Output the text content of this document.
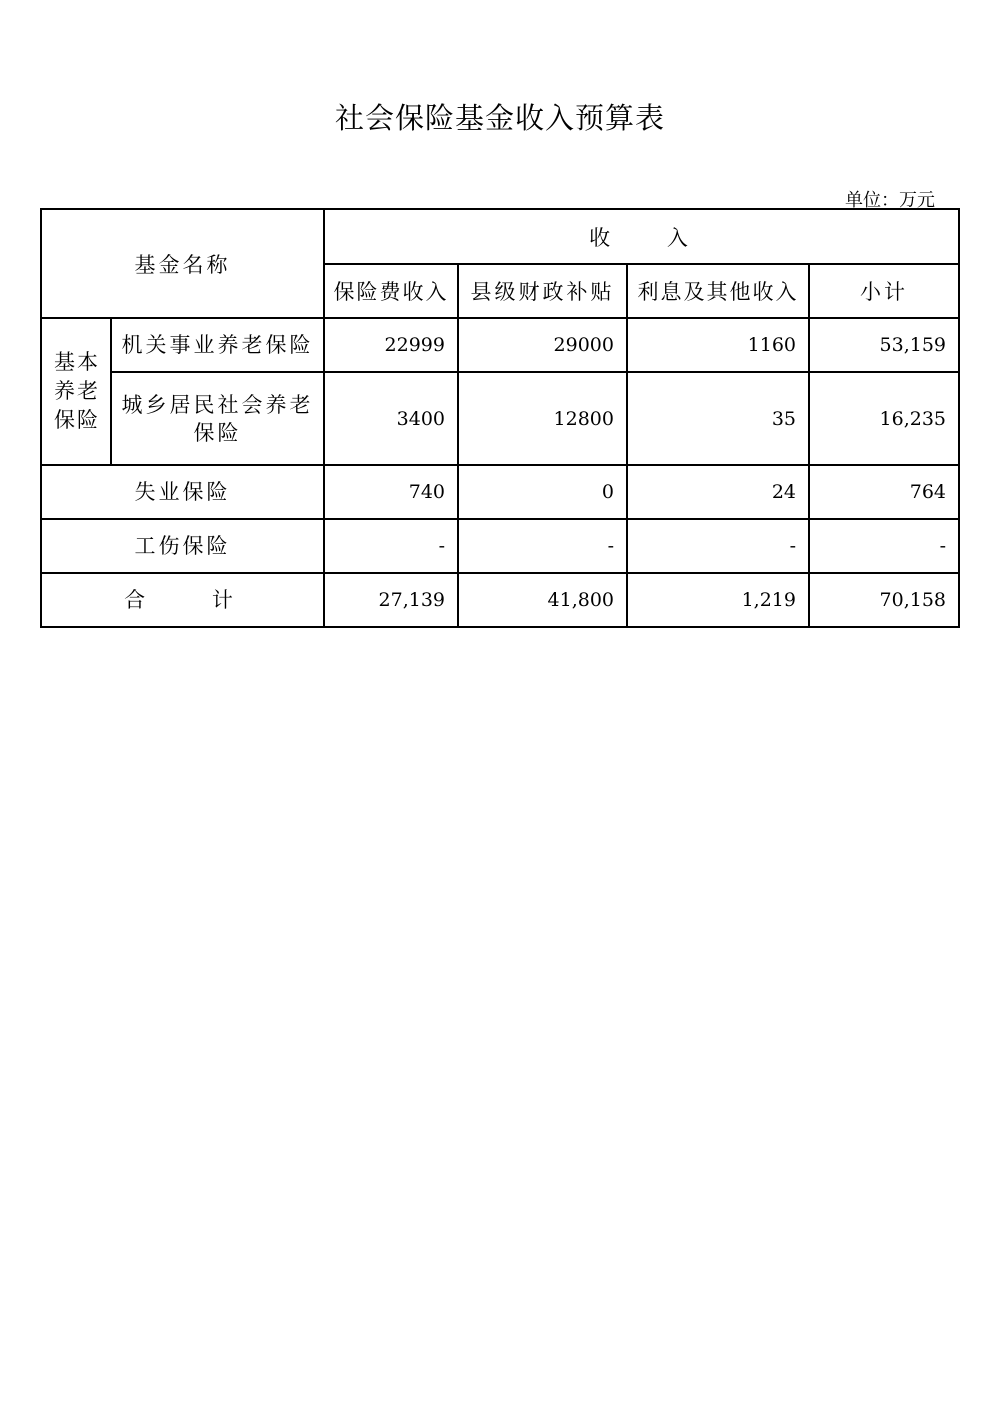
社会保险基金收入预算表
单位：万元
基金名称		收    入			
		保险费收入	县级财政补贴	利息及其他收入	小计

基本
养老
保险	机关事业养老保险	22999	29000	1160	53,159
	城乡居民社会养老保险	3400	12800	35	16,235
失业保险		740	0	24	764
工伤保险		-	-	-	-
合    计		27,139	41,800	1,219	70,158
